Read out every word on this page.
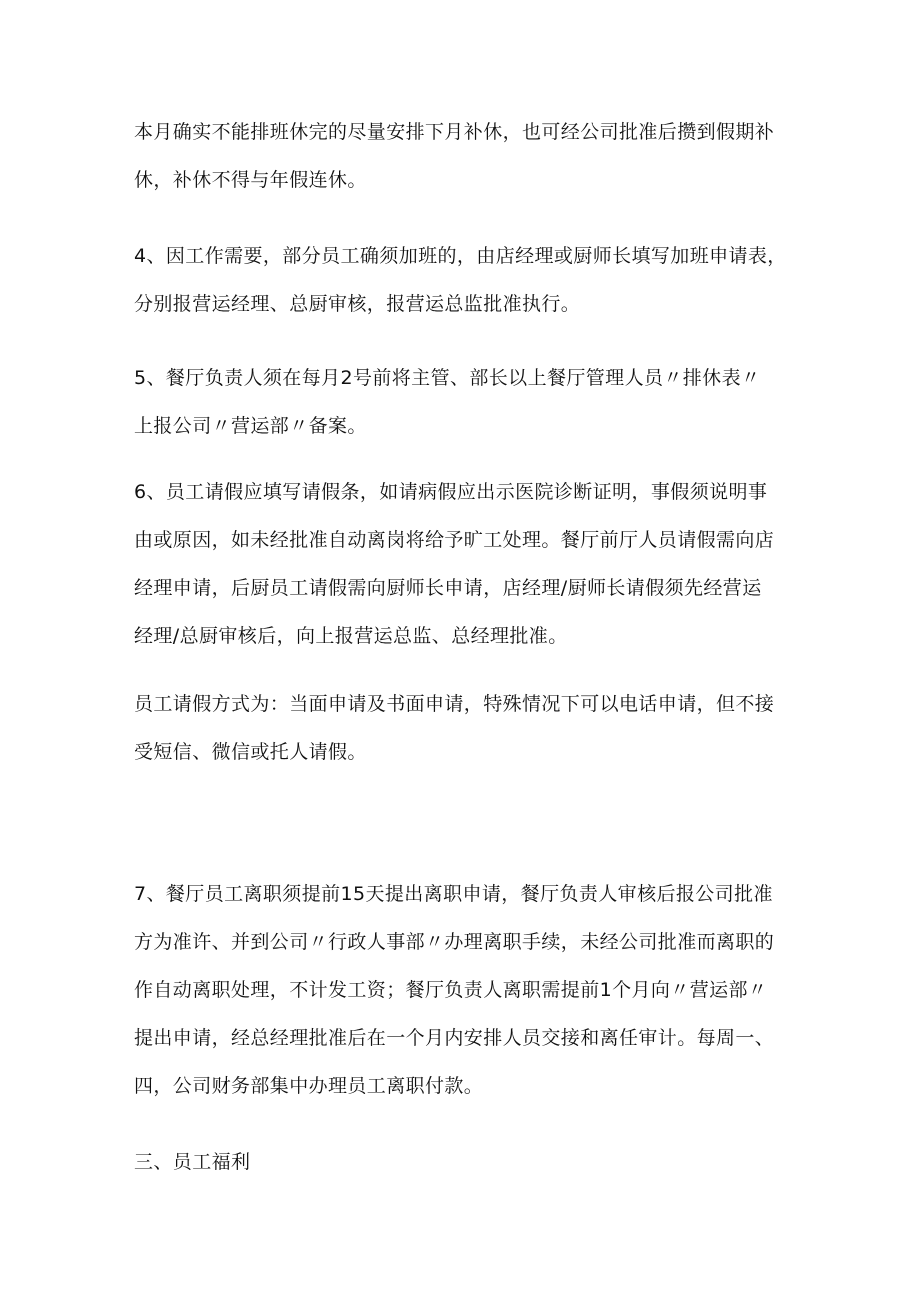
本月确实不能排班休完的尽量安排下月补休，也可经公司批准后攒到假期补
休，补休不得与年假连休。

4、因工作需要，部分员工确须加班的，由店经理或厨师长填写加班申请表，
分别报营运经理、总厨审核，报营运总监批准执行。

5、餐厅负责人须在每月2号前将主管、部长以上餐厅管理人员〃排休表〃
上报公司〃营运部〃备案。

6、员工请假应填写请假条，如请病假应出示医院诊断证明，事假须说明事
由或原因，如未经批准自动离岗将给予旷工处理。餐厅前厅人员请假需向店
经理申请，后厨员工请假需向厨师长申请，店经理/厨师长请假须先经营运
经理/总厨审核后，向上报营运总监、总经理批准。

员工请假方式为：当面申请及书面申请，特殊情况下可以电话申请，但不接
受短信、微信或托人请假。

7、餐厅员工离职须提前15天提出离职申请，餐厅负责人审核后报公司批准
方为准许、并到公司〃行政人事部〃办理离职手续，未经公司批准而离职的
作自动离职处理，不计发工资；餐厅负责人离职需提前1个月向〃营运部〃
提出申请，经总经理批准后在一个月内安排人员交接和离任审计。每周一、
四，公司财务部集中办理员工离职付款。

三、员工福利
